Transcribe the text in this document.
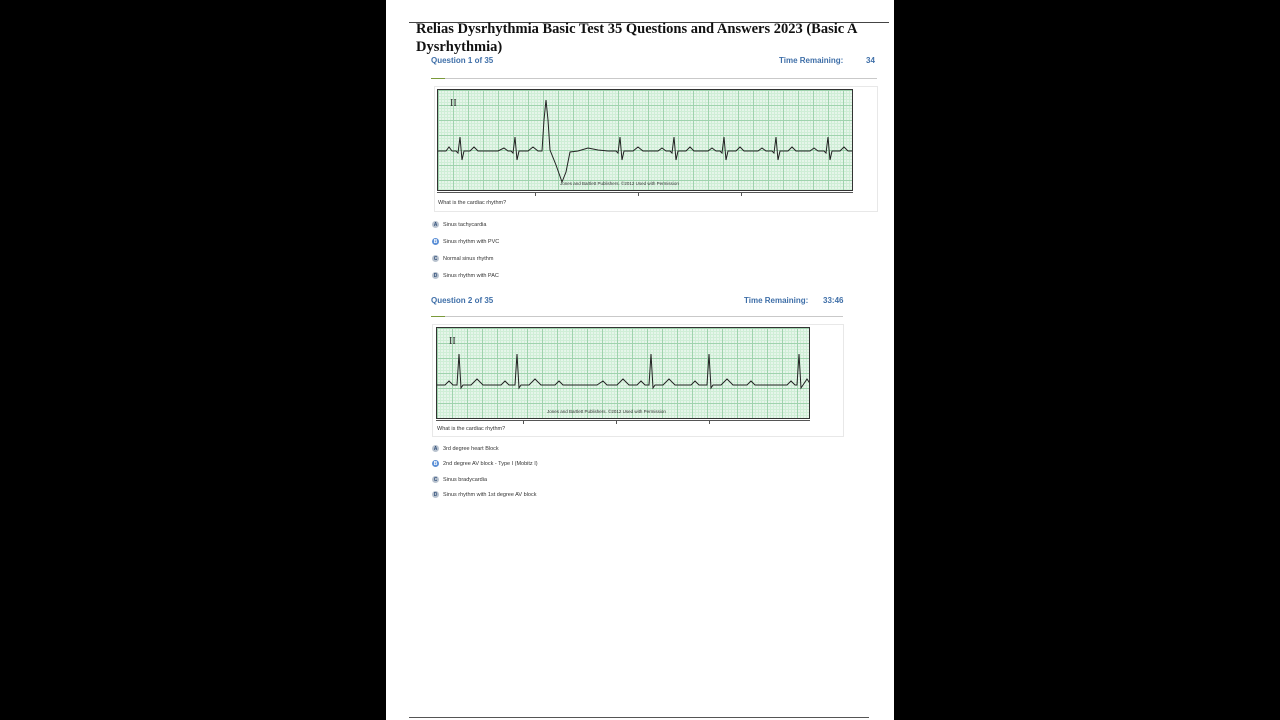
Relias Dysrhythmia Basic Test 35 Questions and Answers 2023 (Basic A
Dysrhythmia)
Question 1 of 35	Time Remaining:	34
II
Jones and Bartlett Publishers. ©2012 Used with Permission
What is the cardiac rhythm?
A	Sinus tachycardia
B	Sinus rhythm with PVC
C	Normal sinus rhythm
D	Sinus rhythm with PAC
Question 2 of 35	Time Remaining: 33:46
II
Jones and Bartlett Publishers. ©2012 Used with Permission
What is the cardiac rhythm?
A	3rd degree heart Block
B	2nd degree AV block - Type I (Mobitz I)
C	Sinus bradycardia
D	Sinus rhythm with 1st degree AV block
